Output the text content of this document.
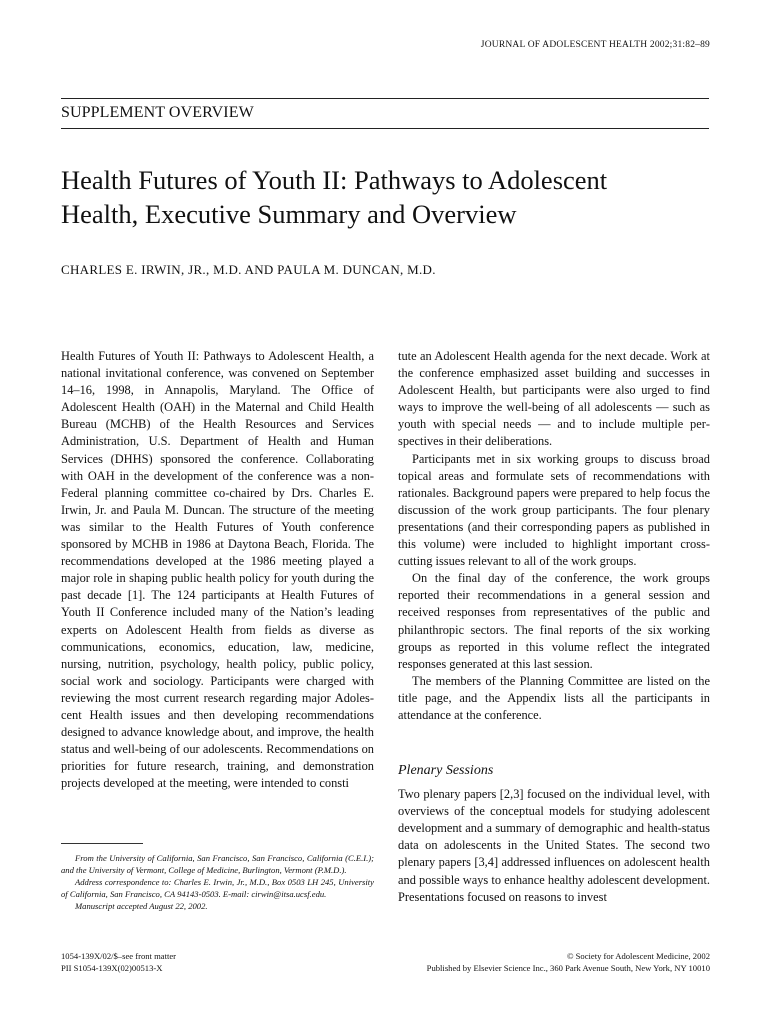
JOURNAL OF ADOLESCENT HEALTH 2002;31:82–89
SUPPLEMENT OVERVIEW
Health Futures of Youth II: Pathways to Adolescent
Health, Executive Summary and Overview
CHARLES E. IRWIN, JR., M.D. AND PAULA M. DUNCAN, M.D.

Health Futures of Youth II: Pathways to Adolescent Health, a national invitational conference, was convened on September 14–16, 1998, in Annapolis, Maryland. The Office of Adolescent Health (OAH) in the Maternal and Child Health Bureau (MCHB) of the Health Resources and Services Administration, U.S. Department of Health and Human Services (DHHS) sponsored the conference. Collaborating with OAH in the development of the conference was a non-Federal planning committee co-chaired by Drs. Charles E. Irwin, Jr. and Paula M. Duncan. The structure of the meeting was similar to the Health Futures of Youth conference sponsored by MCHB in 1986 at Daytona Beach, Florida. The recommendations developed at the 1986 meeting played a major role in shaping public health policy for youth during the past decade [1]. The 124 participants at Health Futures of Youth II Conference included many of the Nation’s leading experts on Adolescent Health from fields as diverse as communications, economics, education, law, medicine, nursing, nutrition, psychology, health policy, public policy, social work and sociology. Participants were charged with reviewing the most current research regarding major Adolescent Health issues and then developing recommendations designed to advance knowledge about, and improve, the health status and well-being of our adolescents. Recommendations on priorities for future research, training, and demonstration projects developed at the meeting, were intended to consti

From the University of California, San Francisco, San Francisco, California (C.E.I.); and the University of Vermont, College of Medicine, Burlington, Vermont (P.M.D.).

Address correspondence to: Charles E. Irwin, Jr., M.D., Box 0503 LH 245, University of California, San Francisco, CA 94143-0503. E-mail: cirwin@itsa.ucsf.edu.

Manuscript accepted August 22, 2002.

tute an Adolescent Health agenda for the next decade. Work at the conference emphasized asset building and successes in Adolescent Health, but participants were also urged to find ways to improve the well-being of all adolescents — such as youth with special needs — and to include multiple perspectives in their deliberations.

Participants met in six working groups to discuss broad topical areas and formulate sets of recommendations with rationales. Background papers were prepared to help focus the discussion of the work group participants. The four plenary presentations (and their corresponding papers as published in this volume) were included to highlight important cross-cutting issues relevant to all of the work groups.

On the final day of the conference, the work groups reported their recommendations in a general session and received responses from representatives of the public and philanthropic sectors. The final reports of the six working groups as reported in this volume reflect the integrated responses generated at this last session.

The members of the Planning Committee are listed on the title page, and the Appendix lists all the participants in attendance at the conference.

Plenary Sessions

Two plenary papers [2,3] focused on the individual level, with overviews of the conceptual models for studying adolescent development and a summary of demographic and health-status data on adolescents in the United States. The second two plenary papers [3,4] addressed influences on adolescent health and possible ways to enhance healthy adolescent development. Presentations focused on reasons to invest

1054-139X/02/$–see front matter
PII S1054-139X(02)00513-X
© Society for Adolescent Medicine, 2002
Published by Elsevier Science Inc., 360 Park Avenue South, New York, NY 10010
